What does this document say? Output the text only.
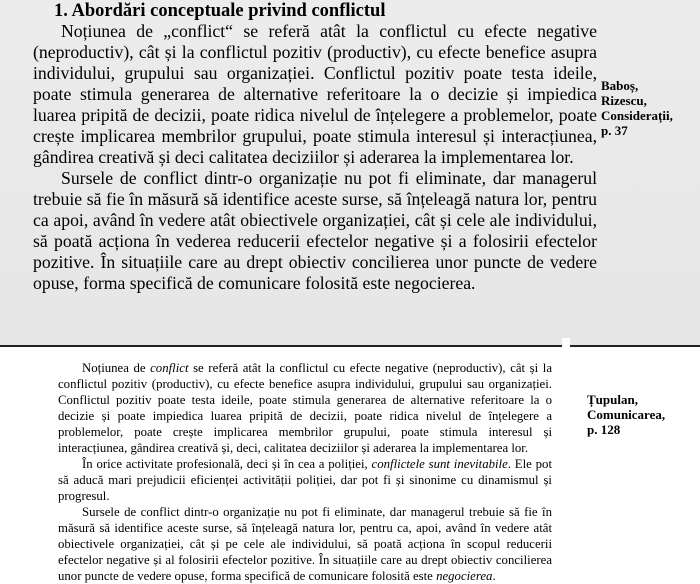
1. Abordări conceptuale privind conflictul

Noțiunea de „conflict“ se referă atât la conflictul cu efecte negative (neproductiv), cât și la conflictul pozitiv (productiv), cu efecte benefice asupra individului, grupului sau organizației. Conflictul pozitiv poate testa ideile, poate stimula generarea de alternative referitoare la o decizie și impiedica luarea pripită de decizii, poate ridica nivelul de înțelegere a problemelor, poate crește implicarea membrilor grupului, poate stimula interesul și interacțiunea, gândirea creativă și deci calitatea deciziilor și aderarea la implementarea lor.

Sursele de conflict dintr-o organizație nu pot fi eliminate, dar managerul trebuie să fie în măsură să identifice aceste surse, să înțeleagă natura lor, pentru ca apoi, având în vedere atât obiectivele organizației, cât și cele ale individului, să poată acționa în vederea reducerii efectelor negative și a folosirii efectelor pozitive. În situațiile care au drept obiectiv concilierea unor puncte de vedere opuse, forma specifică de comunicare folosită este negocierea.

Baboș,
Rizescu,
Considerații,
p. 37

Noțiunea de conflict se referă atât la conflictul cu efecte negative (neproductiv), cât și la conflictul pozitiv (productiv), cu efecte benefice asupra individului, grupului sau organizației. Conflictul pozitiv poate testa ideile, poate stimula generarea de alternative referitoare la o decizie și poate impiedica luarea pripită de decizii, poate ridica nivelul de înțelegere a problemelor, poate crește implicarea membrilor grupului, poate stimula interesul și interacțiunea, gândirea creativă și, deci, calitatea deciziilor și aderarea la implementarea lor.

În orice activitate profesională, deci și în cea a poliției, conflictele sunt inevitabile. Ele pot să aducă mari prejudicii eficienței activității poliției, dar pot fi și sinonime cu dinamismul și progresul.

Sursele de conflict dintr-o organizație nu pot fi eliminate, dar managerul trebuie să fie în măsură să identifice aceste surse, să înțeleagă natura lor, pentru ca, apoi, având în vedere atât obiectivele organizației, cât și pe cele ale individului, să poată acționa în scopul reducerii efectelor negative și al folosirii efectelor pozitive. În situațiile care au drept obiectiv concilierea unor puncte de vedere opuse, forma specifică de comunicare folosită este negocierea.

Țupulan,
Comunicarea,
p. 128
